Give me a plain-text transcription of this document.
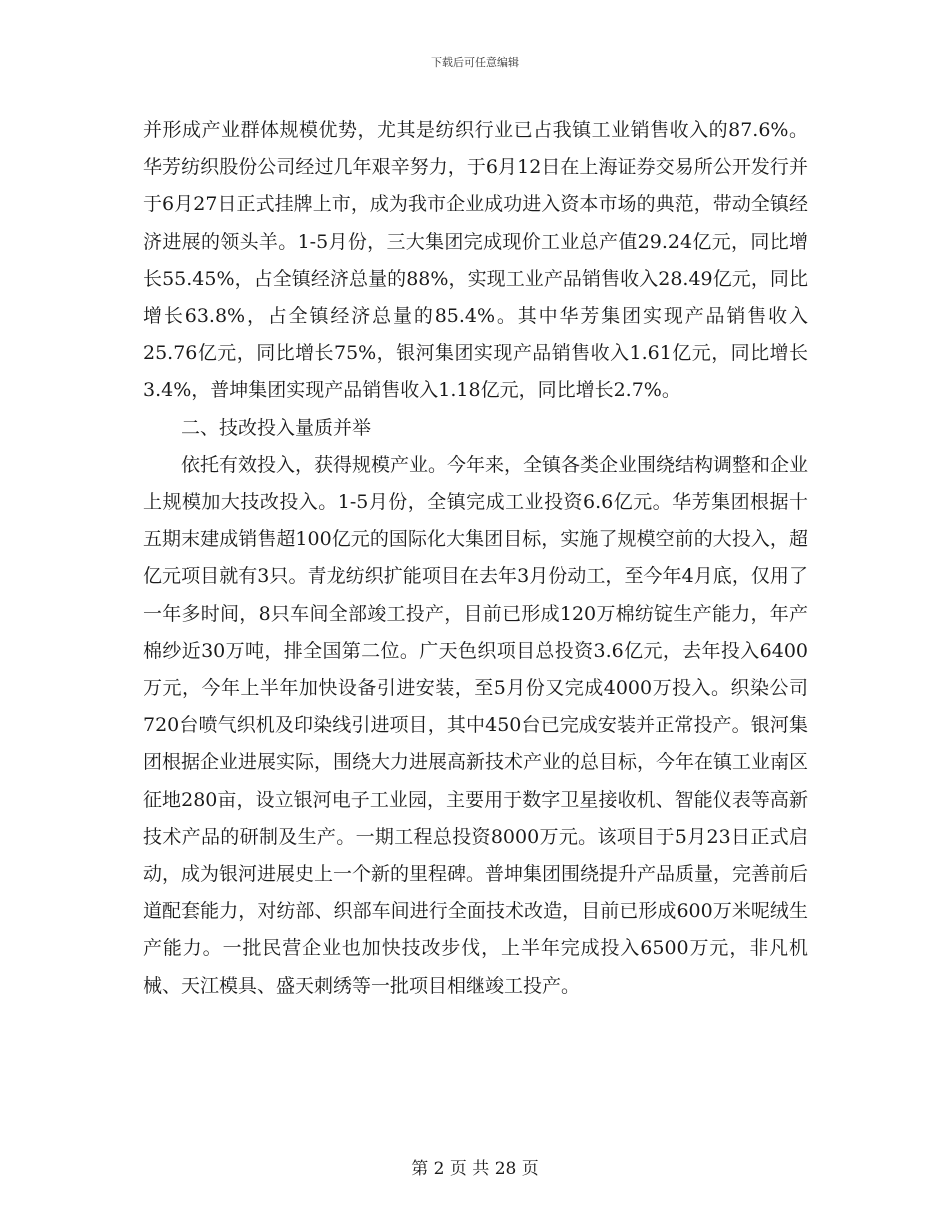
下载后可任意编辑

并形成产业群体规模优势，尤其是纺织行业已占我镇工业销售收入的87.6%。华芳纺织股份公司经过几年艰辛努力，于6月12日在上海证券交易所公开发行并于6月27日正式挂牌上市，成为我市企业成功进入资本市场的典范，带动全镇经济进展的领头羊。1-5月份，三大集团完成现价工业总产值29.24亿元，同比增长55.45%，占全镇经济总量的88%，实现工业产品销售收入28.49亿元，同比增长63.8%，占全镇经济总量的85.4%。其中华芳集团实现产品销售收入25.76亿元，同比增长75%，银河集团实现产品销售收入1.61亿元，同比增长3.4%，普坤集团实现产品销售收入1.18亿元，同比增长2.7%。

二、技改投入量质并举

依托有效投入，获得规模产业。今年来，全镇各类企业围绕结构调整和企业上规模加大技改投入。1-5月份，全镇完成工业投资6.6亿元。华芳集团根据十五期末建成销售超100亿元的国际化大集团目标，实施了规模空前的大投入，超亿元项目就有3只。青龙纺织扩能项目在去年3月份动工，至今年4月底，仅用了一年多时间，8只车间全部竣工投产，目前已形成120万棉纺锭生产能力，年产棉纱近30万吨，排全国第二位。广天色织项目总投资3.6亿元，去年投入6400万元，今年上半年加快设备引进安装，至5月份又完成4000万投入。织染公司720台喷气织机及印染线引进项目，其中450台已完成安装并正常投产。银河集团根据企业进展实际，围绕大力进展高新技术产业的总目标，今年在镇工业南区征地280亩，设立银河电子工业园，主要用于数字卫星接收机、智能仪表等高新技术产品的研制及生产。一期工程总投资8000万元。该项目于5月23日正式启动，成为银河进展史上一个新的里程碑。普坤集团围绕提升产品质量，完善前后道配套能力，对纺部、织部车间进行全面技术改造，目前已形成600万米呢绒生产能力。一批民营企业也加快技改步伐，上半年完成投入6500万元，非凡机械、天江模具、盛天刺绣等一批项目相继竣工投产。

第 2 页 共 28 页
